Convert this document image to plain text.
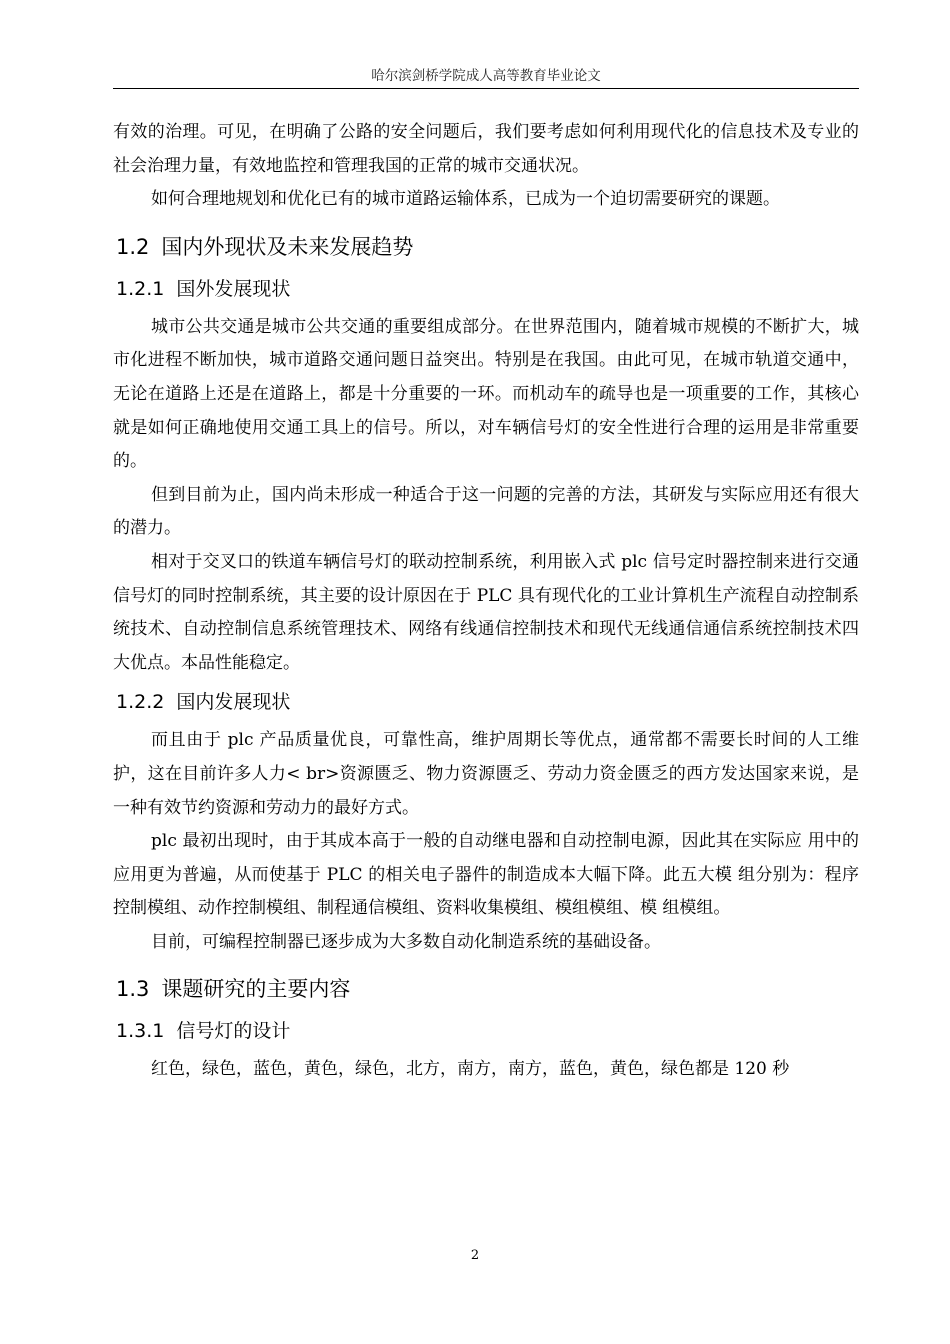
哈尔滨剑桥学院成人高等教育毕业论文

有效的治理。可见，在明确了公路的安全问题后，我们要考虑如何利用现代化的信息技术及专业的社会治理力量，有效地监控和管理我国的正常的城市交通状况。

如何合理地规划和优化已有的城市道路运输体系，已成为一个迫切需要研究的课题。

1.2 国内外现状及未来发展趋势
1.2.1 国外发展现状

城市公共交通是城市公共交通的重要组成部分。在世界范围内，随着城市规模的不断扩大，城市化进程不断加快，城市道路交通问题日益突出。特别是在我国。由此可见，在城市轨道交通中，无论在道路上还是在道路上，都是十分重要的一环。而机动车的疏导也是一项重要的工作，其核心就是如何正确地使用交通工具上的信号。所以，对车辆信号灯的安全性进行合理的运用是非常重要的。

但到目前为止，国内尚未形成一种适合于这一问题的完善的方法，其研发与实际应用还有很大的潜力。

相对于交叉口的铁道车辆信号灯的联动控制系统，利用嵌入式 plc 信号定时器控制来进行交通信号灯的同时控制系统，其主要的设计原因在于 PLC 具有现代化的工业计算机生产流程自动控制系统技术、自动控制信息系统管理技术、网络有线通信控制技术和现代无线通信通信系统控制技术四大优点。本品性能稳定。

1.2.2 国内发展现状

而且由于 plc 产品质量优良，可靠性高，维护周期长等优点，通常都不需要长时间的人工维护，这在目前许多人力< br>资源匮乏、物力资源匮乏、劳动力资金匮乏的西方发达国家来说，是一种有效节约资源和劳动力的最好方式。

plc 最初出现时，由于其成本高于一般的自动继电器和自动控制电源，因此其在实际应 用中的应用更为普遍，从而使基于 PLC 的相关电子器件的制造成本大幅下降。此五大模 组分别为：程序控制模组、动作控制模组、制程通信模组、资料收集模组、模组模组、模 组模组。

目前，可编程控制器已逐步成为大多数自动化制造系统的基础设备。

1.3 课题研究的主要内容
1.3.1 信号灯的设计

红色，绿色，蓝色，黄色，绿色，北方，南方，南方，蓝色，黄色，绿色都是 120 秒

2
